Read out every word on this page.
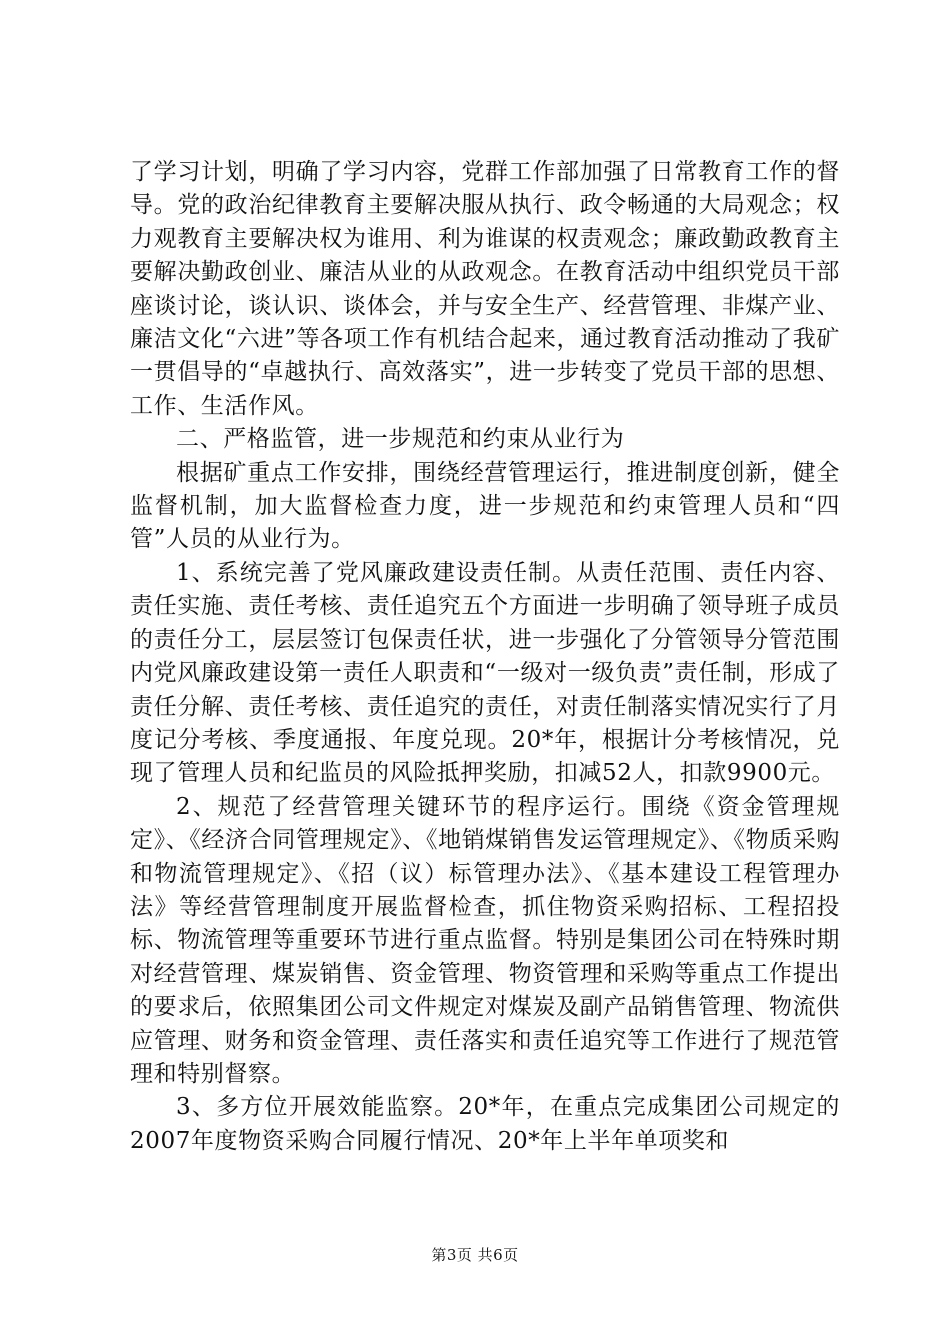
了学习计划，明确了学习内容，党群工作部加强了日常教育工作的督导。党的政治纪律教育主要解决服从执行、政令畅通的大局观念；权力观教育主要解决权为谁用、利为谁谋的权责观念；廉政勤政教育主要解决勤政创业、廉洁从业的从政观念。在教育活动中组织党员干部座谈讨论，谈认识、谈体会，并与安全生产、经营管理、非煤产业、廉洁文化“六进”等各项工作有机结合起来，通过教育活动推动了我矿一贯倡导的“卓越执行、高效落实”，进一步转变了党员干部的思想、工作、生活作风。

二、严格监管，进一步规范和约束从业行为

根据矿重点工作安排，围绕经营管理运行，推进制度创新，健全监督机制，加大监督检查力度，进一步规范和约束管理人员和“四管”人员的从业行为。

1、系统完善了党风廉政建设责任制。从责任范围、责任内容、责任实施、责任考核、责任追究五个方面进一步明确了领导班子成员的责任分工，层层签订包保责任状，进一步强化了分管领导分管范围内党风廉政建设第一责任人职责和“一级对一级负责”责任制，形成了责任分解、责任考核、责任追究的责任，对责任制落实情况实行了月度记分考核、季度通报、年度兑现。20*年，根据计分考核情况，兑现了管理人员和纪监员的风险抵押奖励，扣减52人，扣款9900元。

2、规范了经营管理关键环节的程序运行。围绕《资金管理规定》、《经济合同管理规定》、《地销煤销售发运管理规定》、《物质采购和物流管理规定》、《招（议）标管理办法》、《基本建设工程管理办法》等经营管理制度开展监督检查，抓住物资采购招标、工程招投标、物流管理等重要环节进行重点监督。特别是集团公司在特殊时期对经营管理、煤炭销售、资金管理、物资管理和采购等重点工作提出的要求后，依照集团公司文件规定对煤炭及副产品销售管理、物流供应管理、财务和资金管理、责任落实和责任追究等工作进行了规范管理和特别督察。

3、多方位开展效能监察。20*年，在重点完成集团公司规定的2007年度物资采购合同履行情况、20*年上半年单项奖和

第3页 共6页
